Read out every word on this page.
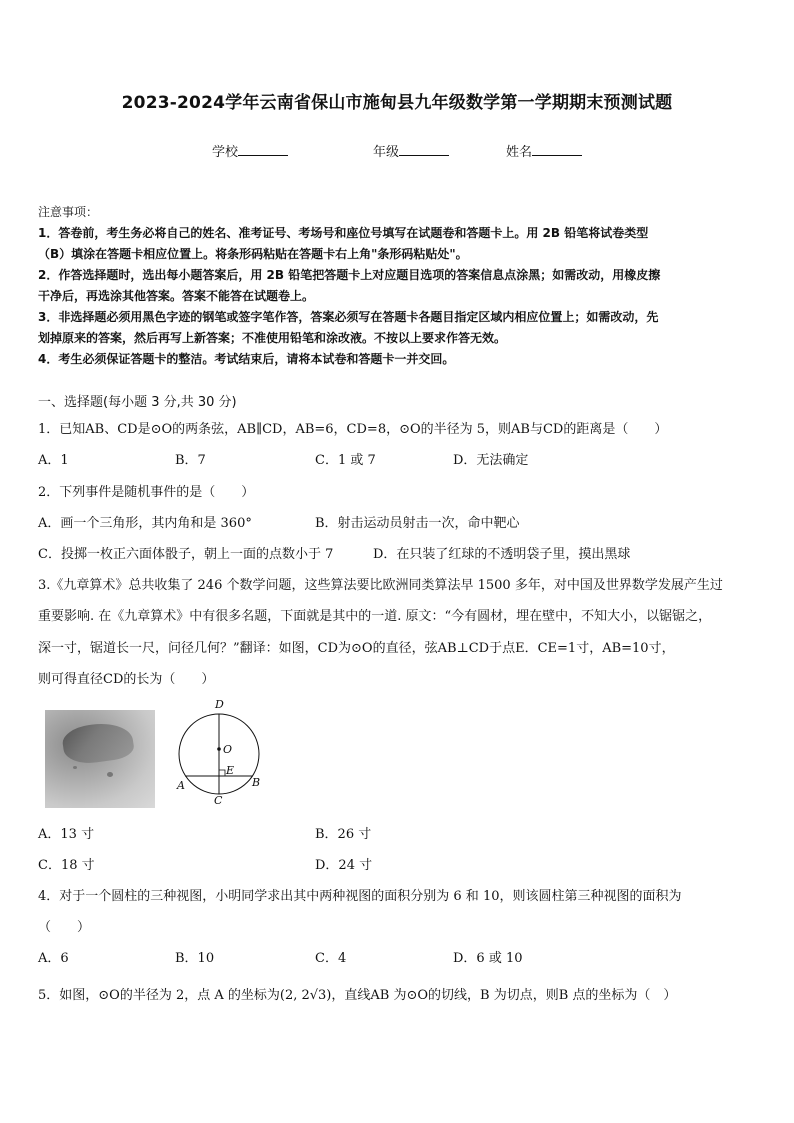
2023-2024学年云南省保山市施甸县九年级数学第一学期期末预测试题
学校	年级	姓名
注意事项：
1．答卷前，考生务必将自己的姓名、准考证号、考场号和座位号填写在试题卷和答题卡上。用 2B 铅笔将试卷类型
（B）填涂在答题卡相应位置上。将条形码粘贴在答题卡右上角"条形码粘贴处"。
2．作答选择题时，选出每小题答案后，用 2B 铅笔把答题卡上对应题目选项的答案信息点涂黑；如需改动，用橡皮擦
干净后，再选涂其他答案。答案不能答在试题卷上。
3．非选择题必须用黑色字迹的钢笔或签字笔作答，答案必须写在答题卡各题目指定区域内相应位置上；如需改动，先
划掉原来的答案，然后再写上新答案；不准使用铅笔和涂改液。不按以上要求作答无效。
4．考生必须保证答题卡的整洁。考试结束后，请将本试卷和答题卡一并交回。
一、选择题(每小题 3 分,共 30 分)
1．已知AB、CD是⊙O的两条弦，AB∥CD，AB=6，CD=8，⊙O的半径为 5，则AB与CD的距离是（　　）
A．1	B．7	C．1 或 7	D．无法确定
2．下列事件是随机事件的是（　　）
A．画一个三角形，其内角和是 360°	B．射击运动员射击一次，命中靶心
C．投掷一枚正六面体骰子，朝上一面的点数小于 7	D．在只装了红球的不透明袋子里，摸出黑球
3.《九章算术》总共收集了 246 个数学问题，这些算法要比欧洲同类算法早 1500 多年，对中国及世界数学发展产生过
重要影响. 在《九章算术》中有很多名题，下面就是其中的一道. 原文：“今有圆材，埋在壁中，不知大小，以锯锯之，
深一寸，锯道长一尺，问径几何？”翻译：如图，CD为⊙O的直径，弦AB⊥CD于点E．CE=1寸，AB=10寸，
则可得直径CD的长为（　　）
D
O
E
A	B
C
A．13 寸	B．26 寸
C．18 寸	D．24 寸
4．对于一个圆柱的三种视图，小明同学求出其中两种视图的面积分别为 6 和 10，则该圆柱第三种视图的面积为
（　　）
A．6	B．10	C．4	D．6 或 10
5．如图，⊙O的半径为 2，点 A 的坐标为(2, 2√3)，直线AB 为⊙O的切线，B 为切点，则B 点的坐标为（　）
